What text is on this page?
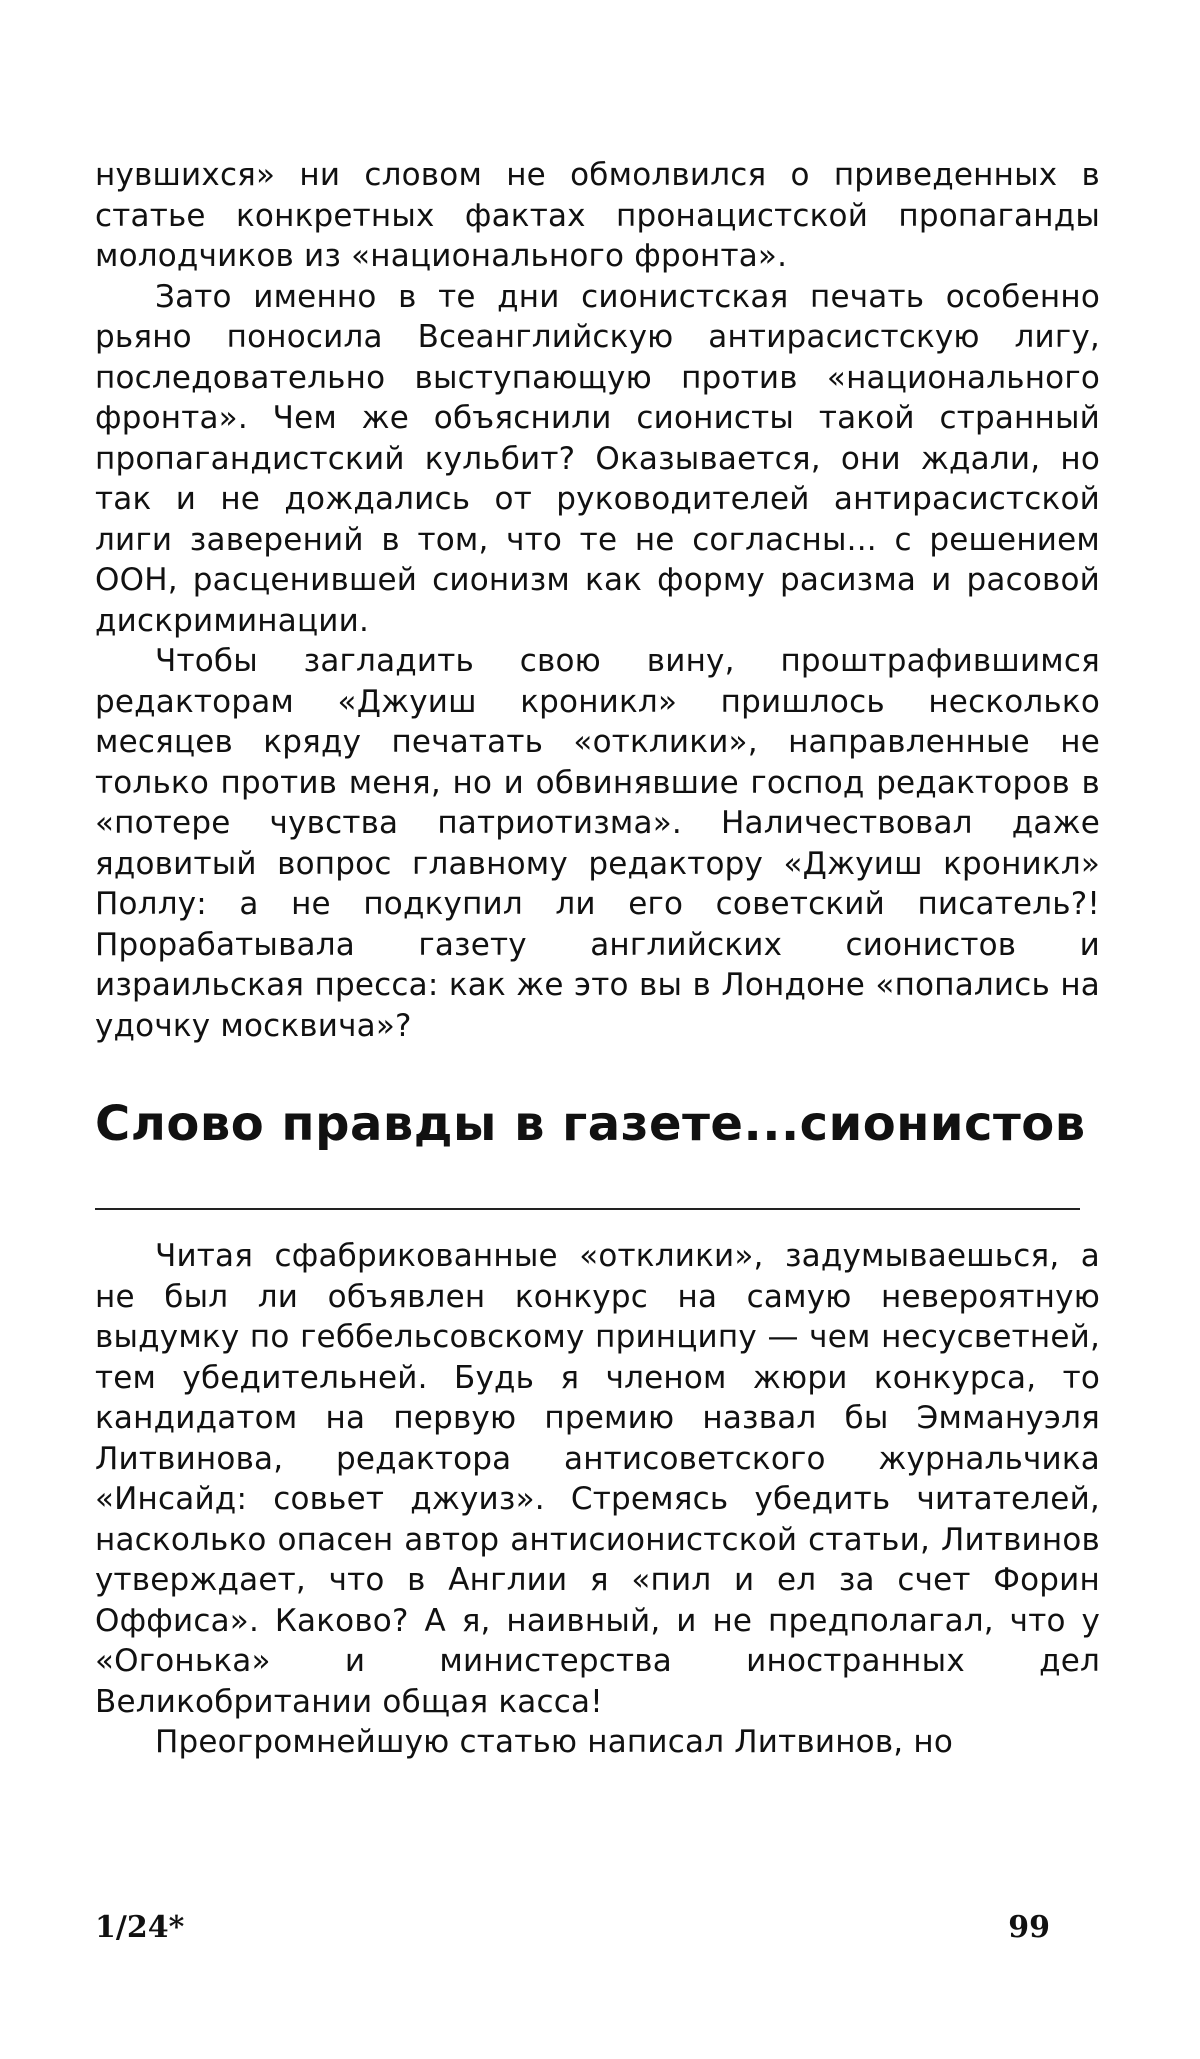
нувшихся» ни словом не обмолвился о приведенных в статье конкретных фактах пронацистской пропаганды молодчиков из «национального фронта».

Зато именно в те дни сионистская печать особенно рьяно поносила Всеанглийскую антирасистскую лигу, последовательно выступающую против «национального фронта». Чем же объяснили сионисты такой странный пропагандистский кульбит? Оказывается, они ждали, но так и не дождались от руководителей антирасистской лиги заверений в том, что те не согласны... с решением ООН, расценившей сионизм как форму расизма и расовой дискриминации.

Чтобы загладить свою вину, проштрафившимся редакторам «Джуиш кроникл» пришлось несколько месяцев кряду печатать «отклики», направленные не только против меня, но и обвинявшие господ редакторов в «потере чувства патриотизма». Наличествовал даже ядовитый вопрос главному редактору «Джуиш кроникл» Поллу: а не подкупил ли его советский писатель?! Прорабатывала газету английских сионистов и израильская пресса: как же это вы в Лондоне «попались на удочку москвича»?

Слово правды в газете...сионистов

Читая сфабрикованные «отклики», задумываешься, а не был ли объявлен конкурс на самую невероятную выдумку по геббельсовскому принципу — чем несусветней, тем убедительней. Будь я членом жюри конкурса, то кандидатом на первую премию назвал бы Эммануэля Литвинова, редактора антисоветского журнальчика «Инсайд: совьет джуиз». Стремясь убедить читателей, насколько опасен автор антисионистской статьи, Литвинов утверждает, что в Англии я «пил и ел за счет Форин Оффиса». Каково? А я, наивный, и не предполагал, что у «Огонька» и министерства иностранных дел Великобритании общая касса!

Преогромнейшую статью написал Литвинов, но

1/24*	99
